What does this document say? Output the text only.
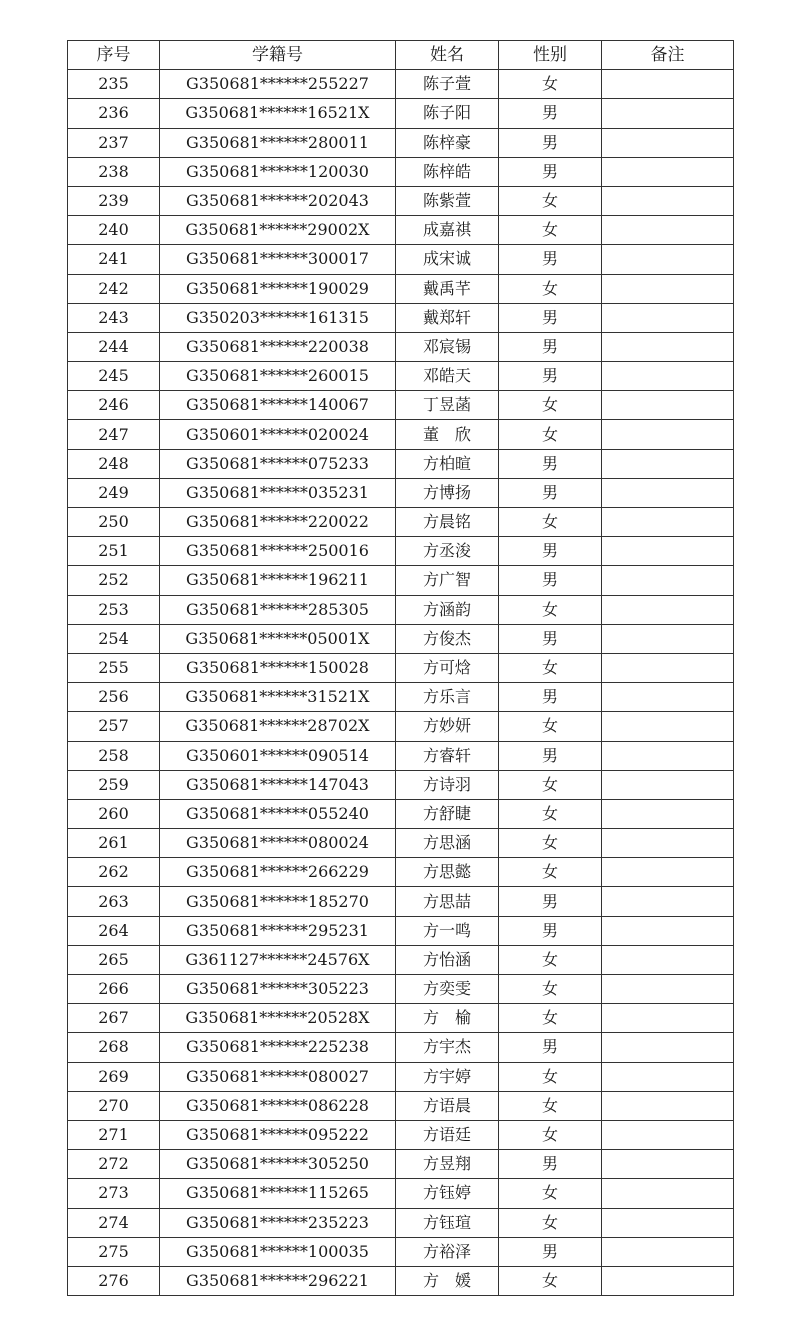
序号	学籍号	姓名	性别	备注
235	G350681******255227	陈子萱	女	
236	G350681******16521X	陈子阳	男	
237	G350681******280011	陈梓豪	男	
238	G350681******120030	陈梓皓	男	
239	G350681******202043	陈紫萱	女	
240	G350681******29002X	成嘉祺	女	
241	G350681******300017	成宋诚	男	
242	G350681******190029	戴禹芊	女	
243	G350203******161315	戴郑轩	男	
244	G350681******220038	邓宸锡	男	
245	G350681******260015	邓皓天	男	
246	G350681******140067	丁昱菡	女	
247	G350601******020024	董　欣	女	
248	G350681******075233	方柏暄	男	
249	G350681******035231	方博扬	男	
250	G350681******220022	方晨铭	女	
251	G350681******250016	方丞浚	男	
252	G350681******196211	方广智	男	
253	G350681******285305	方涵韵	女	
254	G350681******05001X	方俊杰	男	
255	G350681******150028	方可焓	女	
256	G350681******31521X	方乐言	男	
257	G350681******28702X	方妙妍	女	
258	G350601******090514	方睿轩	男	
259	G350681******147043	方诗羽	女	
260	G350681******055240	方舒睫	女	
261	G350681******080024	方思涵	女	
262	G350681******266229	方思懿	女	
263	G350681******185270	方思喆	男	
264	G350681******295231	方一鸣	男	
265	G361127******24576X	方怡涵	女	
266	G350681******305223	方奕雯	女	
267	G350681******20528X	方　榆	女	
268	G350681******225238	方宇杰	男	
269	G350681******080027	方宇婷	女	
270	G350681******086228	方语晨	女	
271	G350681******095222	方语廷	女	
272	G350681******305250	方昱翔	男	
273	G350681******115265	方钰婷	女	
274	G350681******235223	方钰瑄	女	
275	G350681******100035	方裕泽	男	
276	G350681******296221	方　媛	女	
